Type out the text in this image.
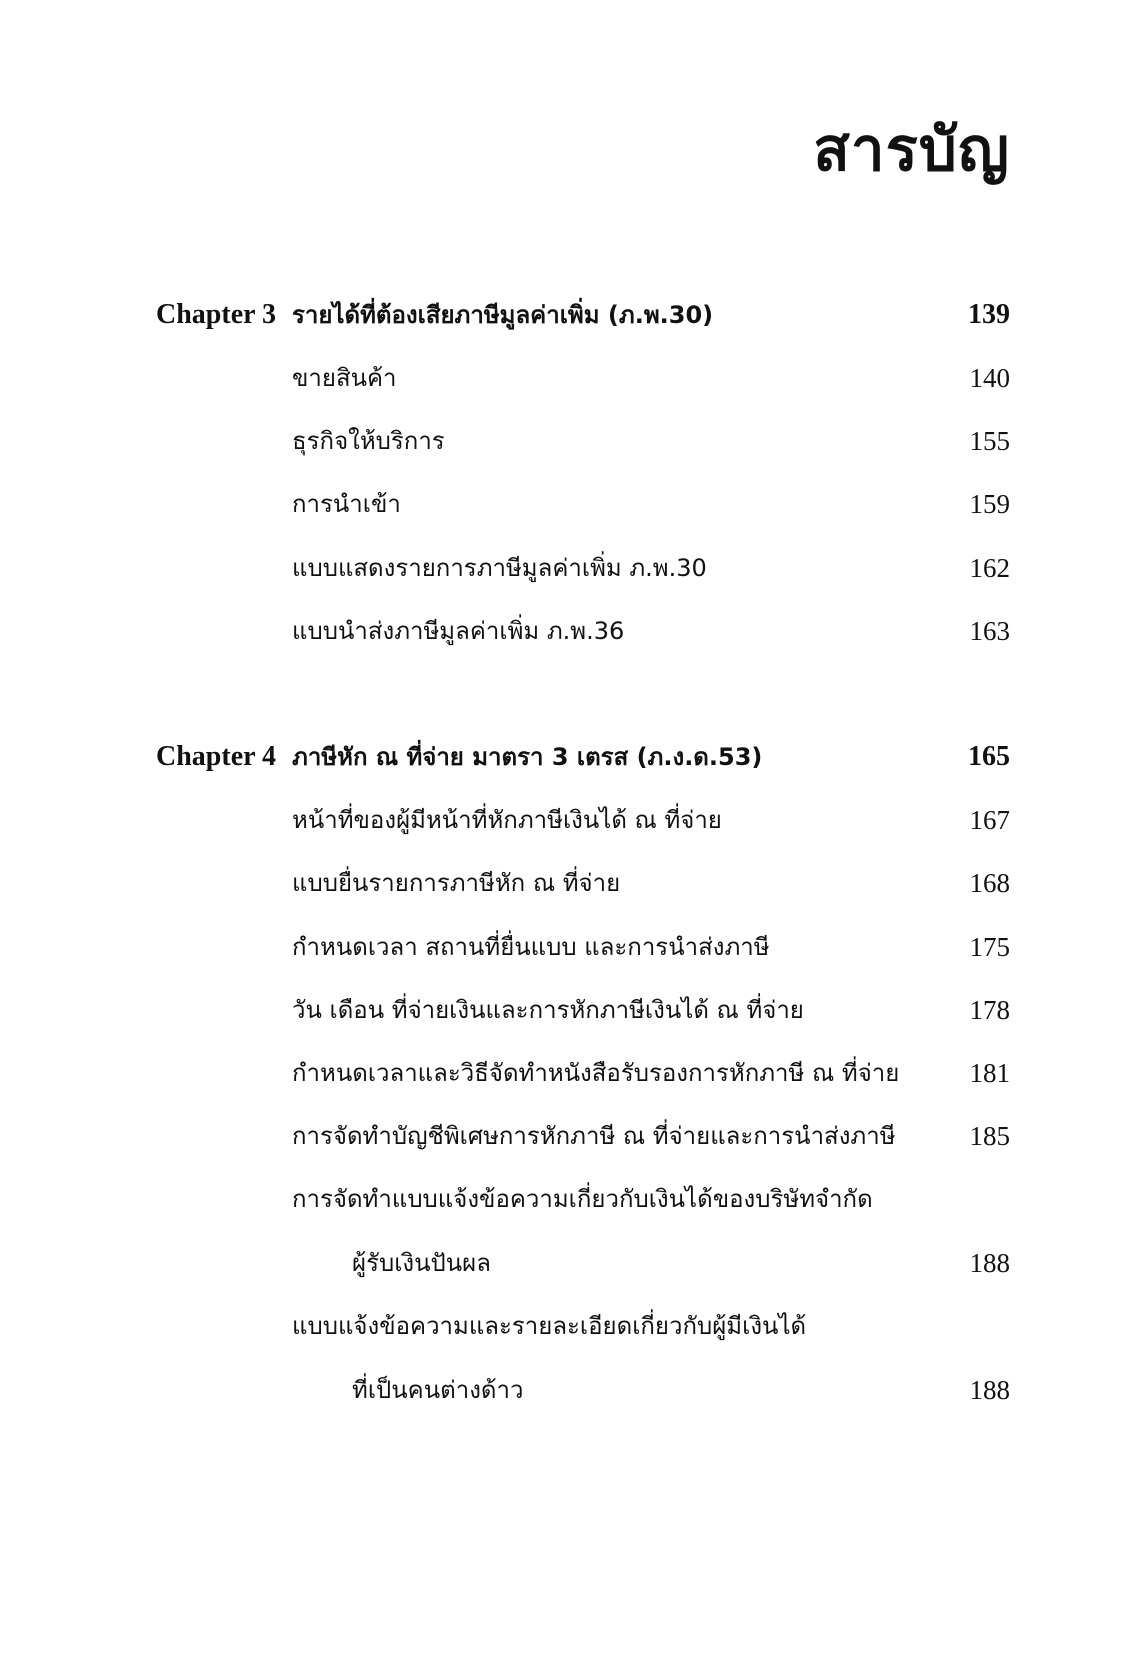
สารบัญ
Chapter 3 รายได้ที่ต้องเสียภาษีมูลค่าเพิ่ม (ภ.พ.30)	139
ขายสินค้า	140
ธุรกิจให้บริการ	155
การนำเข้า	159
แบบแสดงรายการภาษีมูลค่าเพิ่ม ภ.พ.30	162
แบบนำส่งภาษีมูลค่าเพิ่ม ภ.พ.36	163
Chapter 4 ภาษีหัก ณ ที่จ่าย มาตรา 3 เตรส (ภ.ง.ด.53)	165
หน้าที่ของผู้มีหน้าที่หักภาษีเงินได้ ณ ที่จ่าย	167
แบบยื่นรายการภาษีหัก ณ ที่จ่าย	168
กำหนดเวลา สถานที่ยื่นแบบ และการนำส่งภาษี	175
วัน เดือน ที่จ่ายเงินและการหักภาษีเงินได้ ณ ที่จ่าย	178
กำหนดเวลาและวิธีจัดทำหนังสือรับรองการหักภาษี ณ ที่จ่าย	181
การจัดทำบัญชีพิเศษการหักภาษี ณ ที่จ่ายและการนำส่งภาษี	185
การจัดทำแบบแจ้งข้อความเกี่ยวกับเงินได้ของบริษัทจำกัด
ผู้รับเงินปันผล	188
แบบแจ้งข้อความและรายละเอียดเกี่ยวกับผู้มีเงินได้
ที่เป็นคนต่างด้าว	188
